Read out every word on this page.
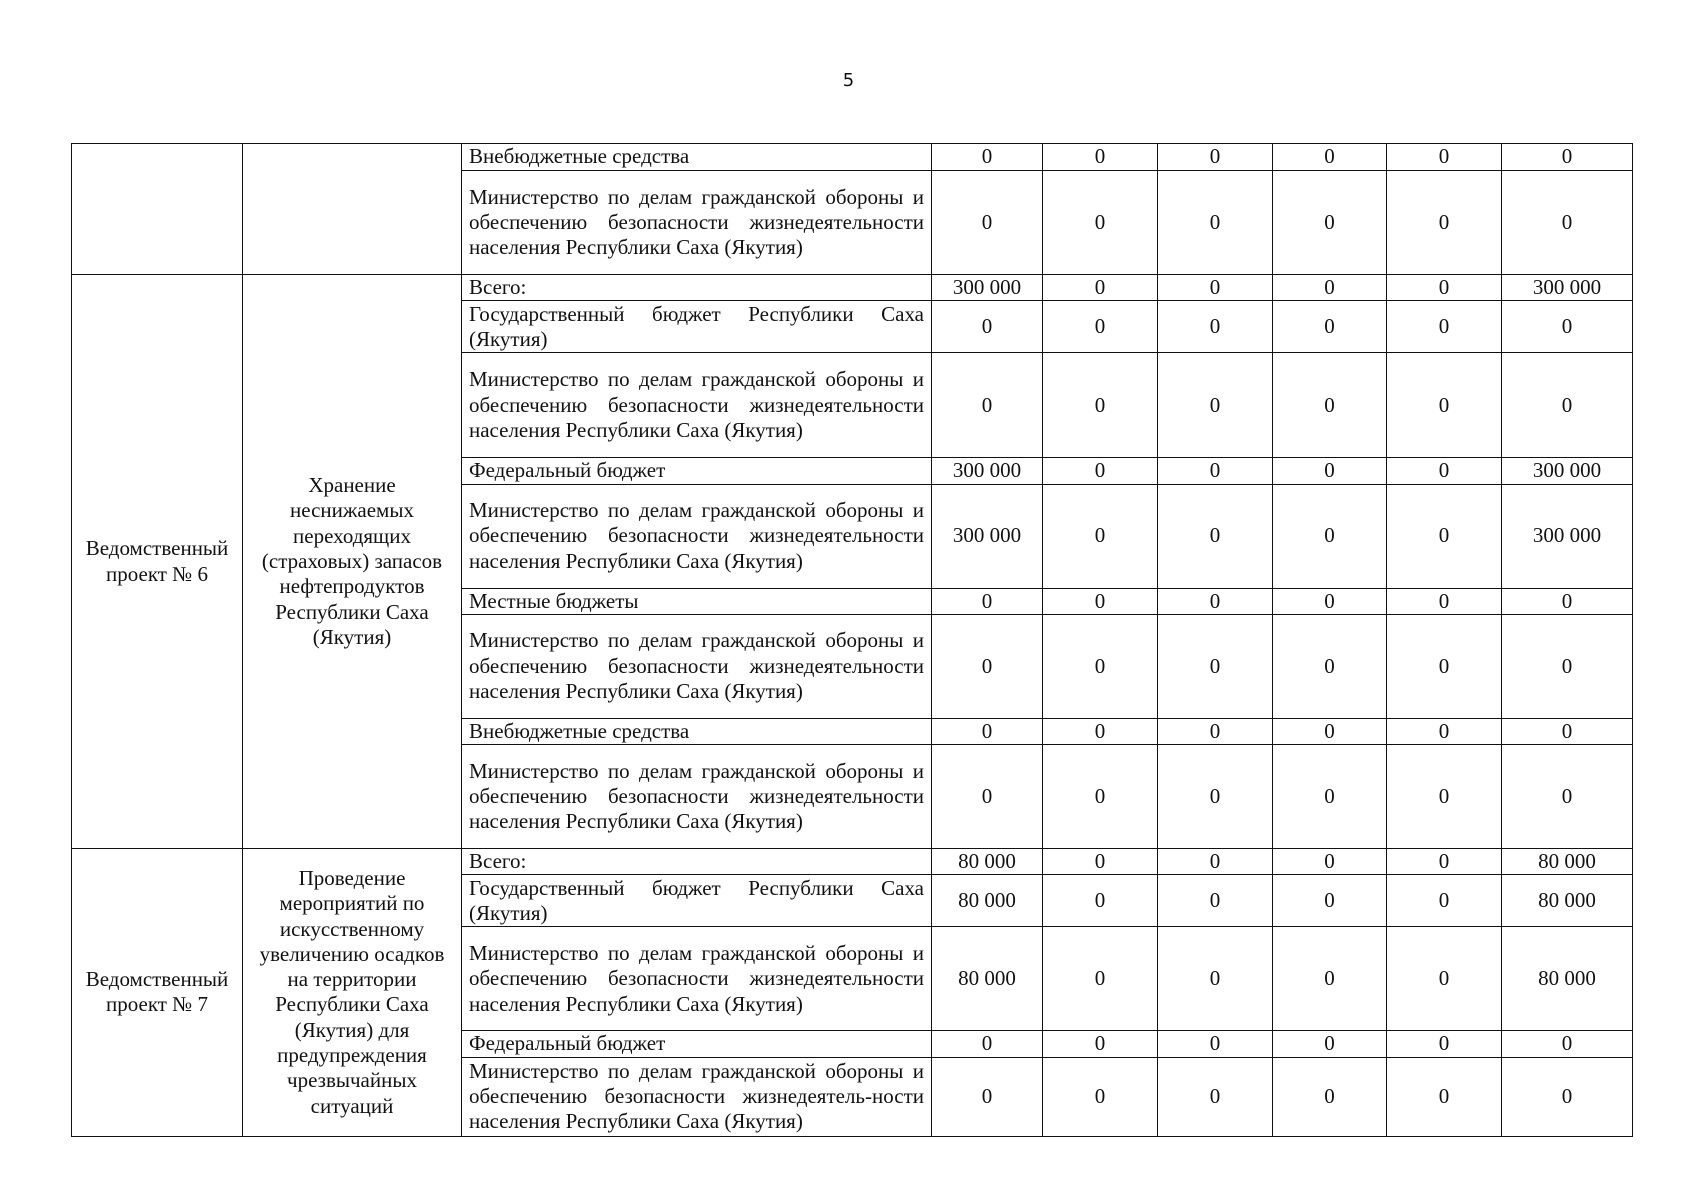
5
		Внебюджетные средства	0	0	0	0	0	0
		Министерство по делам гражданской обороны и обеспечению безопасности жизнедеятельности населения Республики Саха (Якутия)	0	0	0	0	0	0
Ведомственный проект № 6	Хранение неснижаемых переходящих (страховых) запасов нефтепродуктов Республики Саха (Якутия)	Всего:	300 000	0	0	0	0	300 000
		Государственный бюджет Республики Саха (Якутия)	0	0	0	0	0	0
		Министерство по делам гражданской обороны и обеспечению безопасности жизнедеятельности населения Республики Саха (Якутия)	0	0	0	0	0	0
		Федеральный бюджет	300 000	0	0	0	0	300 000
		Министерство по делам гражданской обороны и обеспечению безопасности жизнедеятельности населения Республики Саха (Якутия)	300 000	0	0	0	0	300 000
		Местные бюджеты	0	0	0	0	0	0
		Министерство по делам гражданской обороны и обеспечению безопасности жизнедеятельности населения Республики Саха (Якутия)	0	0	0	0	0	0
		Внебюджетные средства	0	0	0	0	0	0
		Министерство по делам гражданской обороны и обеспечению безопасности жизнедеятельности населения Республики Саха (Якутия)	0	0	0	0	0	0
Ведомственный проект № 7	Проведение мероприятий по искусственному увеличению осадков на территории Республики Саха (Якутия) для предупреждения чрезвычайных ситуаций	Всего:	80 000	0	0	0	0	80 000
		Государственный бюджет Республики Саха (Якутия)	80 000	0	0	0	0	80 000
		Министерство по делам гражданской обороны и обеспечению безопасности жизнедеятельности населения Республики Саха (Якутия)	80 000	0	0	0	0	80 000
		Федеральный бюджет	0	0	0	0	0	0
		Министерство по делам гражданской обороны и обеспечению безопасности жизнедеятель-ности населения Республики Саха (Якутия)	0	0	0	0	0	0
